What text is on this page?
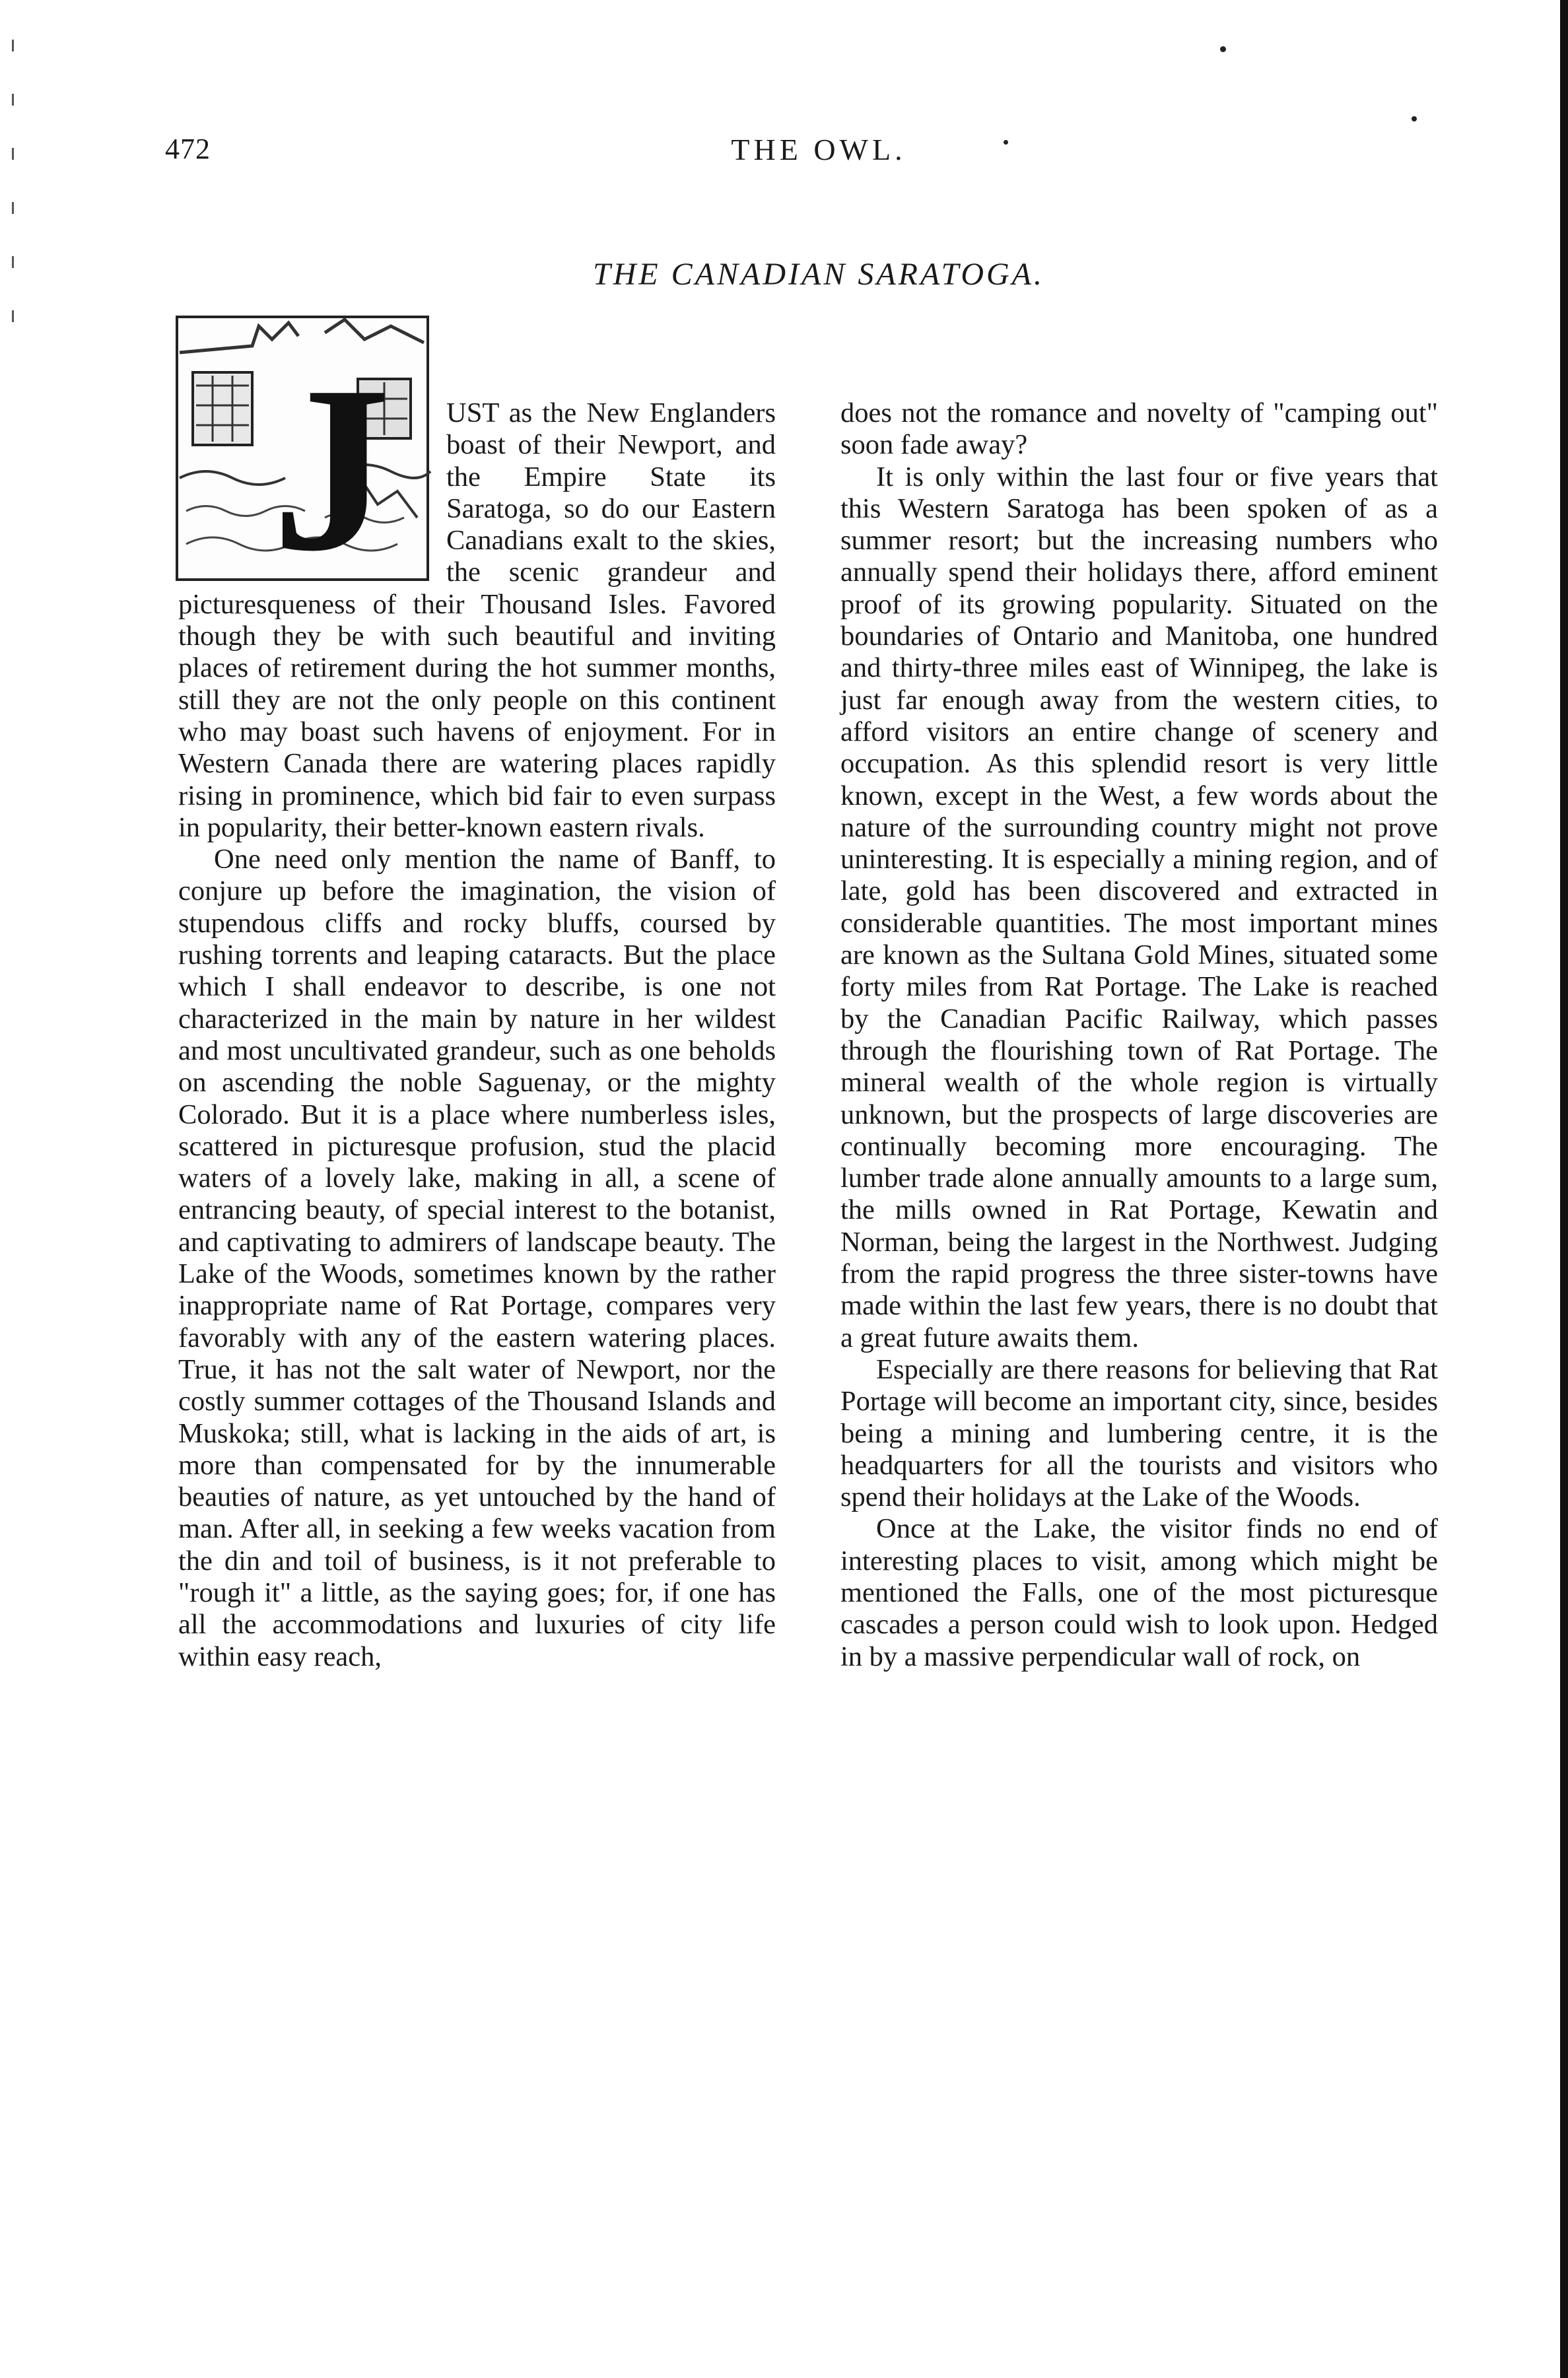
472	THE OWL.
THE CANADIAN SARATOGA.
J	UST as the New Englanders boast of their Newport, and the Empire State its Saratoga, so do our Eastern Canadians exalt to the skies, the scenic grandeur and picturesqueness of their Thousand Isles. Favored though they be with such beautiful and inviting places of retirement during the hot summer months, still they are not the only people on this continent who may boast such havens of enjoyment. For in Western Canada there are watering places rapidly rising in prominence, which bid fair to even surpass in popularity, their better-known eastern rivals.

One need only mention the name of Banff, to conjure up before the imagination, the vision of stupendous cliffs and rocky bluffs, coursed by rushing torrents and leaping cataracts. But the place which I shall endeavor to describe, is one not characterized in the main by nature in her wildest and most uncultivated grandeur, such as one beholds on ascending the noble Saguenay, or the mighty Colorado. But it is a place where numberless isles, scattered in picturesque profusion, stud the placid waters of a lovely lake, making in all, a scene of entrancing beauty, of special interest to the botanist, and captivating to admirers of landscape beauty. The Lake of the Woods, sometimes known by the rather inappropriate name of Rat Portage, compares very favorably with any of the eastern watering places. True, it has not the salt water of Newport, nor the costly summer cottages of the Thousand Islands and Muskoka; still, what is lacking in the aids of art, is more than compensated for by the innumerable beauties of nature, as yet untouched by the hand of man. After all, in seeking a few weeks vacation from the din and toil of business, is it not preferable to "rough it" a little, as the saying goes; for, if one has all the accommodations and luxuries of city life within easy reach,

does not the romance and novelty of "camping out" soon fade away?

It is only within the last four or five years that this Western Saratoga has been spoken of as a summer resort; but the increasing numbers who annually spend their holidays there, afford eminent proof of its growing popularity. Situated on the boundaries of Ontario and Manitoba, one hundred and thirty-three miles east of Winnipeg, the lake is just far enough away from the western cities, to afford visitors an entire change of scenery and occupation. As this splendid resort is very little known, except in the West, a few words about the nature of the surrounding country might not prove uninteresting. It is especially a mining region, and of late, gold has been discovered and extracted in considerable quantities. The most important mines are known as the Sultana Gold Mines, situated some forty miles from Rat Portage. The Lake is reached by the Canadian Pacific Railway, which passes through the flourishing town of Rat Portage. The mineral wealth of the whole region is virtually unknown, but the prospects of large discoveries are continually becoming more encouraging. The lumber trade alone annually amounts to a large sum, the mills owned in Rat Portage, Kewatin and Norman, being the largest in the Northwest. Judging from the rapid progress the three sister-towns have made within the last few years, there is no doubt that a great future awaits them.

Especially are there reasons for believing that Rat Portage will become an important city, since, besides being a mining and lumbering centre, it is the headquarters for all the tourists and visitors who spend their holidays at the Lake of the Woods.

Once at the Lake, the visitor finds no end of interesting places to visit, among which might be mentioned the Falls, one of the most picturesque cascades a person could wish to look upon. Hedged in by a massive perpendicular wall of rock, on
